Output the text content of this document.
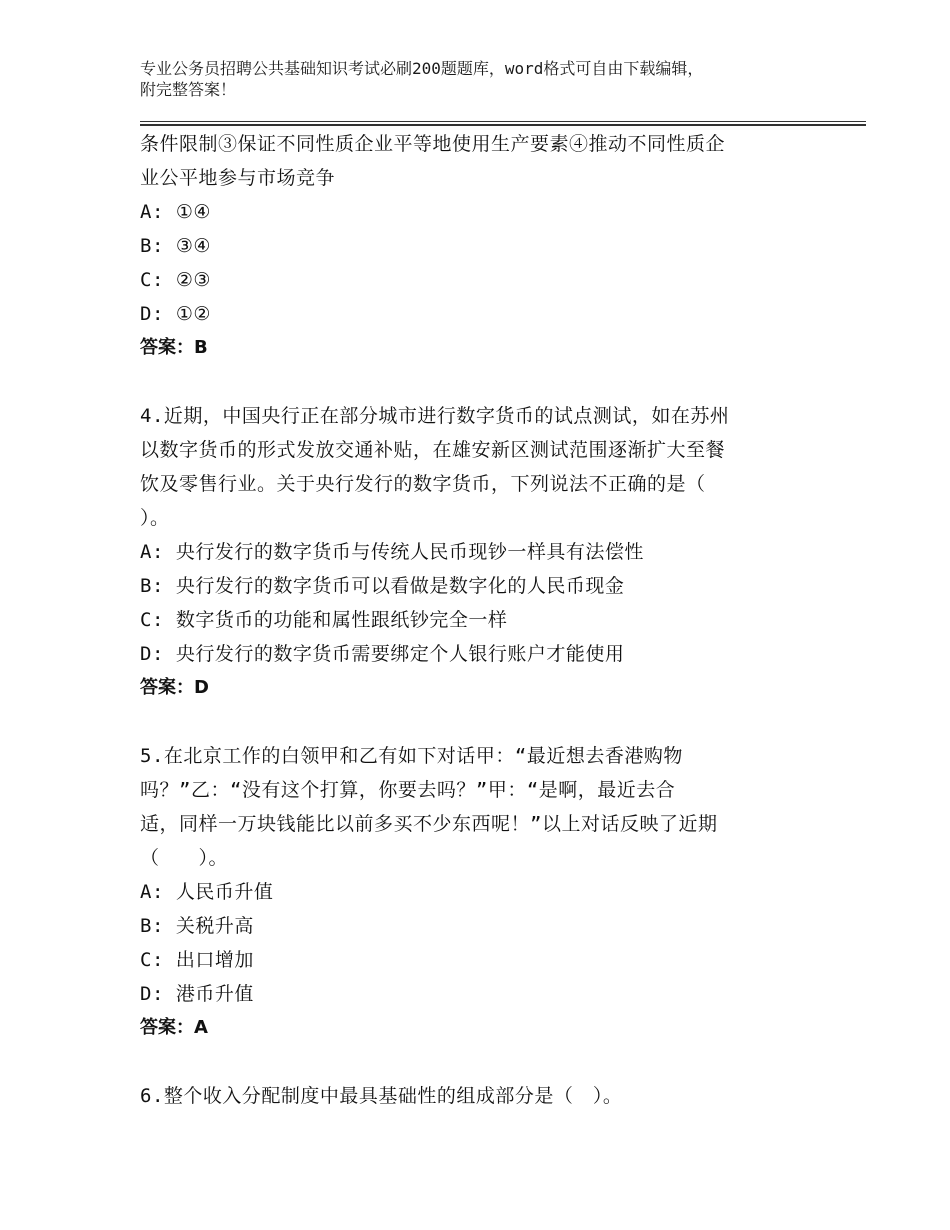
专业公务员招聘公共基础知识考试必刷200题题库，word格式可自由下载编辑，
附完整答案！
条件限制③保证不同性质企业平等地使用生产要素④推动不同性质企
业公平地参与市场竞争
A: ①④
B: ③④
C: ②③
D: ①②
答案：B
4.近期，中国央行正在部分城市进行数字货币的试点测试，如在苏州
以数字货币的形式发放交通补贴，在雄安新区测试范围逐渐扩大至餐
饮及零售行业。关于央行发行的数字货币，下列说法不正确的是（
）。
A: 央行发行的数字货币与传统人民币现钞一样具有法偿性
B: 央行发行的数字货币可以看做是数字化的人民币现金
C: 数字货币的功能和属性跟纸钞完全一样
D: 央行发行的数字货币需要绑定个人银行账户才能使用
答案：D
5.在北京工作的白领甲和乙有如下对话甲：“最近想去香港购物
吗？”乙：“没有这个打算，你要去吗？”甲：“是啊，最近去合
适，同样一万块钱能比以前多买不少东西呢！”以上对话反映了近期
（　　）。
A: 人民币升值
B: 关税升高
C: 出口增加
D: 港币升值
答案：A
6.整个收入分配制度中最具基础性的组成部分是（　）。
